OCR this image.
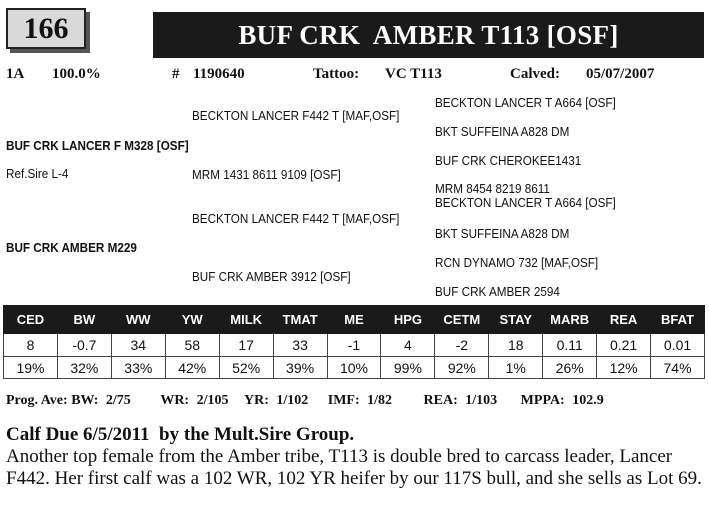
166	BUF CRK  AMBER T113 [OSF]
1A 100.0%	# 1190640	Tattoo: VC T113	Calved: 05/07/2007
BECKTON LANCER F442 T [MAF,OSF]
BECKTON LANCER T A664 [OSF]
BKT SUFFEINA A828 DM
BUF CRK LANCER F M328 [OSF]
Ref.Sire L-4
BUF CRK CHEROKEE1431
MRM 1431 8611 9109 [OSF]
MRM 8454 8219 8611
BECKTON LANCER T A664 [OSF]
BECKTON LANCER F442 T [MAF,OSF]
BKT SUFFEINA A828 DM
BUF CRK AMBER M229
RCN DYNAMO 732 [MAF,OSF]
BUF CRK AMBER 3912 [OSF]
BUF CRK AMBER 2594
CED	BW	WW	YW	MILK	TMAT	ME	HPG	CETM	STAY	MARB	REA	BFAT
8	-0.7	34	58	17	33	-1	4	-2	18	0.11	0.21	0.01
19%	32%	33%	42%	52%	39%	10%	99%	92%	1%	26%	12%	74%
Prog. Ave: BW: 2/75 WR: 2/105 YR: 1/102 IMF: 1/82 REA: 1/103 MPPA: 102.9
Calf Due 6/5/2011  by the Mult.Sire Group.
Another top female from the Amber tribe, T113 is double bred to carcass leader, Lancer F442. Her first calf was a 102 WR, 102 YR heifer by our 117S bull, and she sells as Lot 69.
